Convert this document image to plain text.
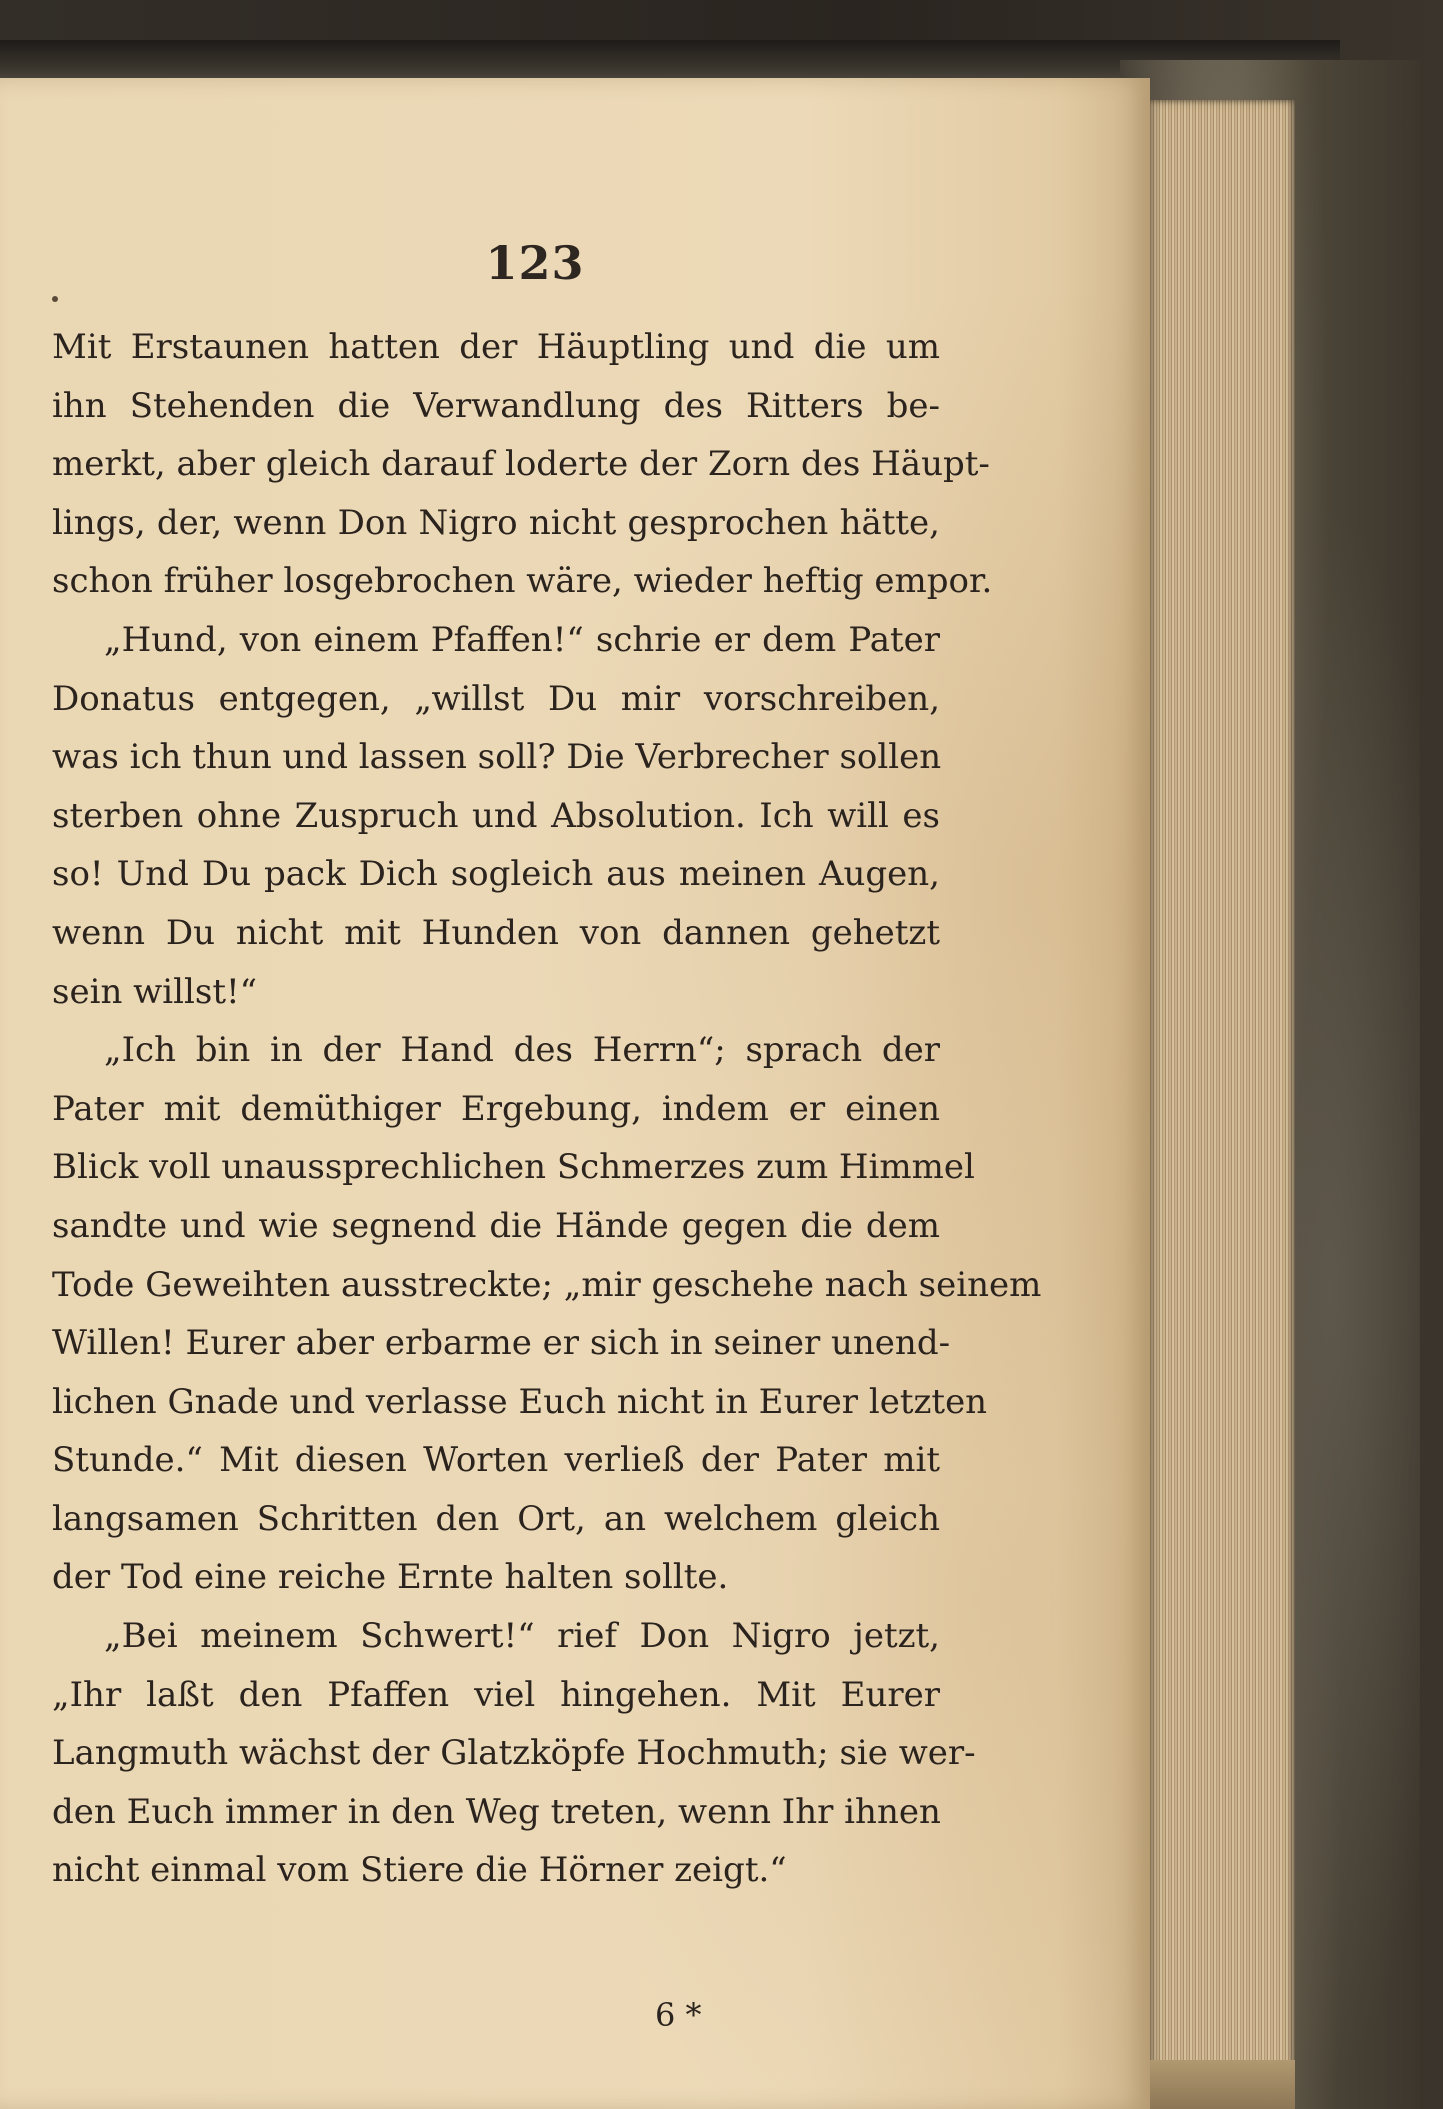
123
Mit Erstaunen hatten der Häuptling und die um
ihn Stehenden die Verwandlung des Ritters be-
merkt, aber gleich darauf loderte der Zorn des Häupt-
lings, der, wenn Don Nigro nicht gesprochen hätte,
schon früher losgebrochen wäre, wieder heftig empor.
„Hund, von einem Pfaffen!“ schrie er dem Pater
Donatus entgegen, „willst Du mir vorschreiben,
was ich thun und lassen soll? Die Verbrecher sollen
sterben ohne Zuspruch und Absolution. Ich will es
so! Und Du pack Dich sogleich aus meinen Augen,
wenn Du nicht mit Hunden von dannen gehetzt
sein willst!“
„Ich bin in der Hand des Herrn“; sprach der
Pater mit demüthiger Ergebung, indem er einen
Blick voll unaussprechlichen Schmerzes zum Himmel
sandte und wie segnend die Hände gegen die dem
Tode Geweihten ausstreckte; „mir geschehe nach seinem
Willen! Eurer aber erbarme er sich in seiner unend-
lichen Gnade und verlasse Euch nicht in Eurer letzten
Stunde.“ Mit diesen Worten verließ der Pater mit
langsamen Schritten den Ort, an welchem gleich
der Tod eine reiche Ernte halten sollte.
„Bei meinem Schwert!“ rief Don Nigro jetzt,
„Ihr laßt den Pfaffen viel hingehen. Mit Eurer
Langmuth wächst der Glatzköpfe Hochmuth; sie wer-
den Euch immer in den Weg treten, wenn Ihr ihnen
nicht einmal vom Stiere die Hörner zeigt.“
6 *
